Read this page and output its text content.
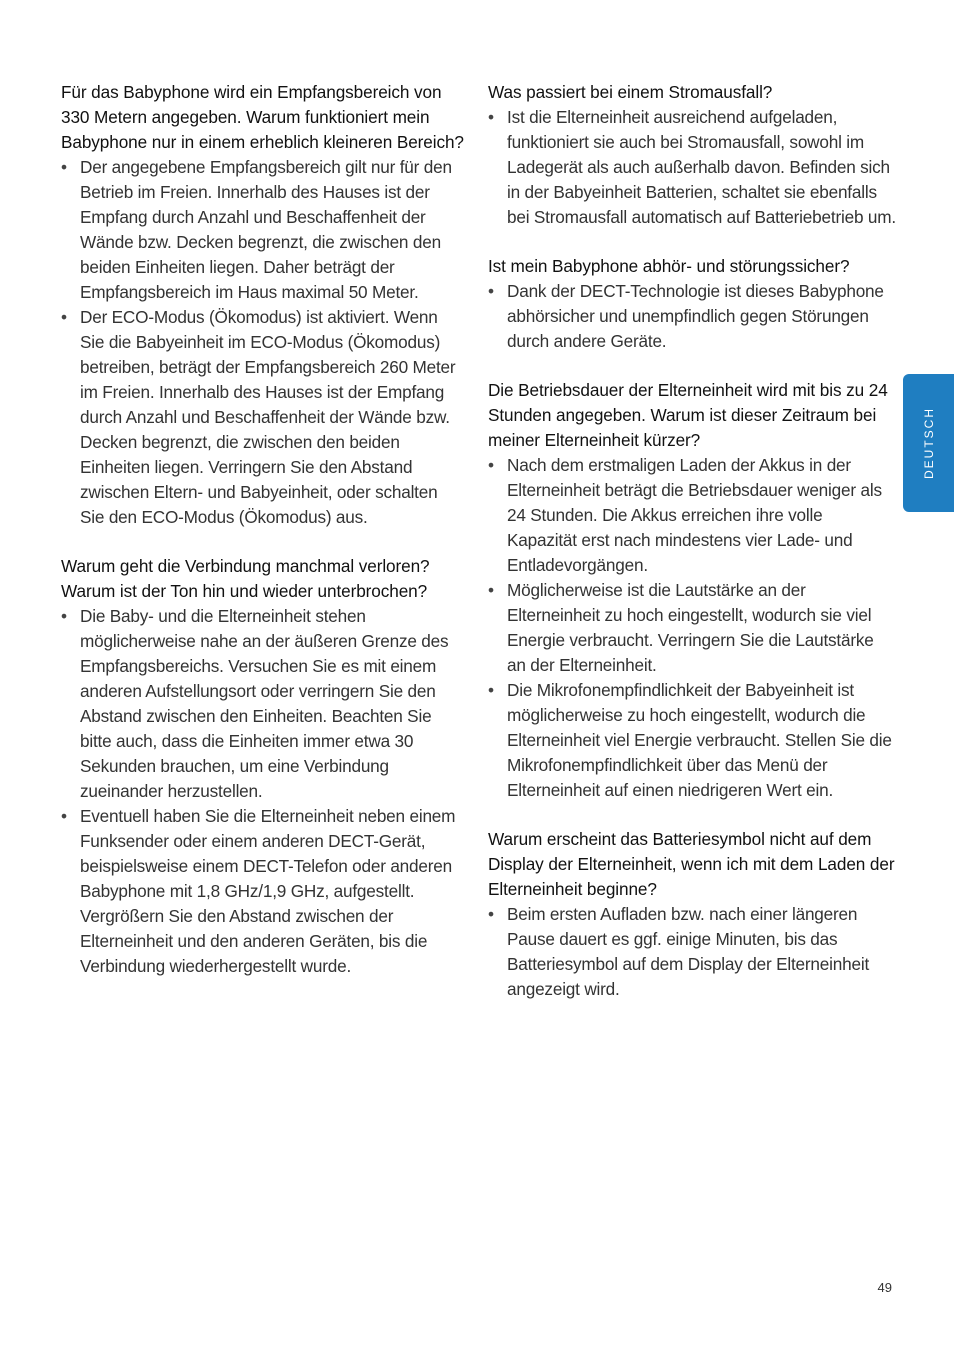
Für das Babyphone wird ein Empfangsbereich von 330 Metern angegeben. Warum funktioniert mein Babyphone nur in einem erheblich kleineren Bereich?

• Der angegebene Empfangsbereich gilt nur für den Betrieb im Freien. Innerhalb des Hauses ist der Empfang durch Anzahl und Beschaffenheit der Wände bzw. Decken begrenzt, die zwischen den beiden Einheiten liegen. Daher beträgt der Empfangsbereich im Haus maximal 50 Meter.
• Der ECO-Modus (Ökomodus) ist aktiviert. Wenn Sie die Babyeinheit im ECO-Modus (Ökomodus) betreiben, beträgt der Empfangsbereich 260 Meter im Freien. Innerhalb des Hauses ist der Empfang durch Anzahl und Beschaffenheit der Wände bzw. Decken begrenzt, die zwischen den beiden Einheiten liegen. Verringern Sie den Abstand zwischen Eltern- und Babyeinheit, oder schalten Sie den ECO-Modus (Ökomodus) aus.

Warum geht die Verbindung manchmal verloren? Warum ist der Ton hin und wieder unterbrochen?

• Die Baby- und die Elterneinheit stehen möglicherweise nahe an der äußeren Grenze des Empfangsbereichs. Versuchen Sie es mit einem anderen Aufstellungsort oder verringern Sie den Abstand zwischen den Einheiten. Beachten Sie bitte auch, dass die Einheiten immer etwa 30 Sekunden brauchen, um eine Verbindung zueinander herzustellen.
• Eventuell haben Sie die Elterneinheit neben einem Funksender oder einem anderen DECT-Gerät, beispielsweise einem DECT-Telefon oder anderen Babyphone mit 1,8 GHz/1,9 GHz, aufgestellt. Vergrößern Sie den Abstand zwischen der Elterneinheit und den anderen Geräten, bis die Verbindung wiederhergestellt wurde.

Was passiert bei einem Stromausfall?

• Ist die Elterneinheit ausreichend aufgeladen, funktioniert sie auch bei Stromausfall, sowohl im Ladegerät als auch außerhalb davon. Befinden sich in der Babyeinheit Batterien, schaltet sie ebenfalls bei Stromausfall automatisch auf Batteriebetrieb um.

Ist mein Babyphone abhör- und störungssicher?

• Dank der DECT-Technologie ist dieses Babyphone abhörsicher und unempfindlich gegen Störungen durch andere Geräte.

Die Betriebsdauer der Elterneinheit wird mit bis zu 24 Stunden angegeben. Warum ist dieser Zeitraum bei meiner Elterneinheit kürzer?

• Nach dem erstmaligen Laden der Akkus in der Elterneinheit beträgt die Betriebsdauer weniger als 24 Stunden. Die Akkus erreichen ihre volle Kapazität erst nach mindestens vier Lade- und Entladevorgängen.
• Möglicherweise ist die Lautstärke an der Elterneinheit zu hoch eingestellt, wodurch sie viel Energie verbraucht. Verringern Sie die Lautstärke an der Elterneinheit.
• Die Mikrofonempfindlichkeit der Babyeinheit ist möglicherweise zu hoch eingestellt, wodurch die Elterneinheit viel Energie verbraucht. Stellen Sie die Mikrofonempfindlichkeit über das Menü der Elterneinheit auf einen niedrigeren Wert ein.

Warum erscheint das Batteriesymbol nicht auf dem Display der Elterneinheit, wenn ich mit dem Laden der Elterneinheit beginne?

• Beim ersten Aufladen bzw. nach einer längeren Pause dauert es ggf. einige Minuten, bis das Batteriesymbol auf dem Display der Elterneinheit angezeigt wird.
DEUTSCH
49
